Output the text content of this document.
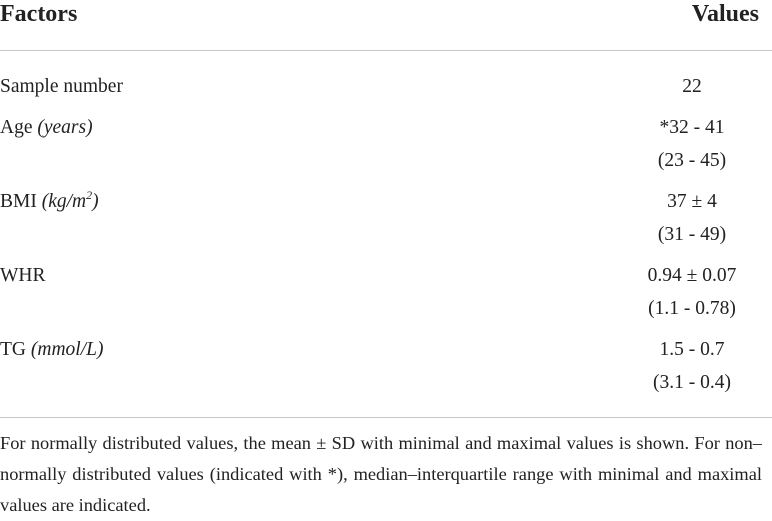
Factors	Values
Sample number	22
Age (years)	*32 - 41
(23 - 45)
BMI $(kg/m^2)$	37 ± 4
(31 - 49)
WHR	0.94 ± 0.07
(1.1 - 0.78)
TG (mmol/L)	1.5 - 0.7
(3.1 - 0.4)
For normally distributed values, the mean ± SD with minimal and maximal values is shown. For non–normally distributed values (indicated with *), median–interquartile range with minimal and maximal values are indicated.
